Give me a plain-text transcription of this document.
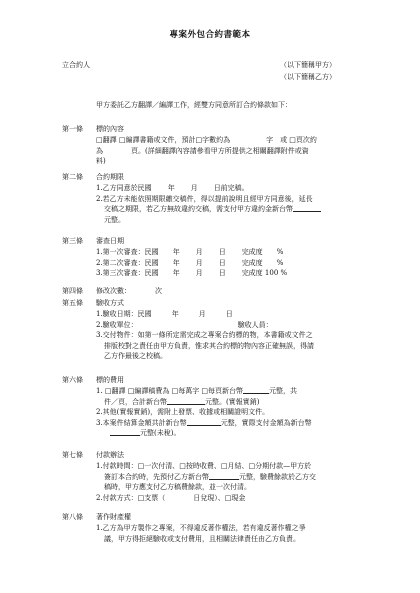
專案外包合約書範本
立合約人	（以下簡稱甲方）
（以下簡稱乙方）
甲方委託乙方翻譯／編譯工作，經雙方同意所訂合約條款如下：
第一條	標的內容
□翻譯 □編譯書籍或文件，預計□字數約為	字　或 □頁次約
為	頁。(詳細翻譯內容請參看甲方所提供之相關翻譯附件或資
料)
第二條	合約期限
1.乙方同意於民國 年 月 日前完稿。
2.若乙方未能依照期限繳交稿件，得以提前說明且經甲方同意後，延長
交稿之期限，若乙方無故違約交稿，需支付甲方違約金新台幣
元整。
第三條	審查日期
1.第一次審查：民國 年 月 日 完成度 %
2.第二次審查：民國 年 月 日 完成度 %
3.第三次審查：民國 年 月 日 完成度 100 %
第四條	修改次數：	次
第五條	驗收方式
1.驗收日期：民國	年	月	日
2.驗收單位：	驗收人員：
3.交付物件：如第一條所定需完成之專案合約標的物，本書籍或文件之
排版校對之責任由甲方負責，惟求其合約標的物內容正確無誤，得請
乙方作最後之校稿。
第六條	標的費用
1. □翻譯 □編譯稿費為 □每萬字 □每頁新台幣	元整，共
件／頁，合計新台幣	元整。(實報實銷)
2.其他(實報實銷)，需附上發票、收據或相關證明文件。
3.本案件結算金額共計新台幣	元整，實際支付金額為新台幣
元整(未稅)。
第七條	付款辦法
1.付款時間：□一次付清、□按時收費、□月結、□分期付款—甲方於
簽訂本合約時，先預付乙方新台幣	元整，驗費餘款於乙方交
稿時，甲方應支付乙方稿費餘款，並一次付清。
2.付款方式：□支票（	日兌現）、□現金
第八條	著作財產權
1.乙方為甲方製作之專案，不得違反著作權法，若有違反著作權之爭
議，甲方得拒絕驗收或支付費用，且相關法律責任由乙方負責。
